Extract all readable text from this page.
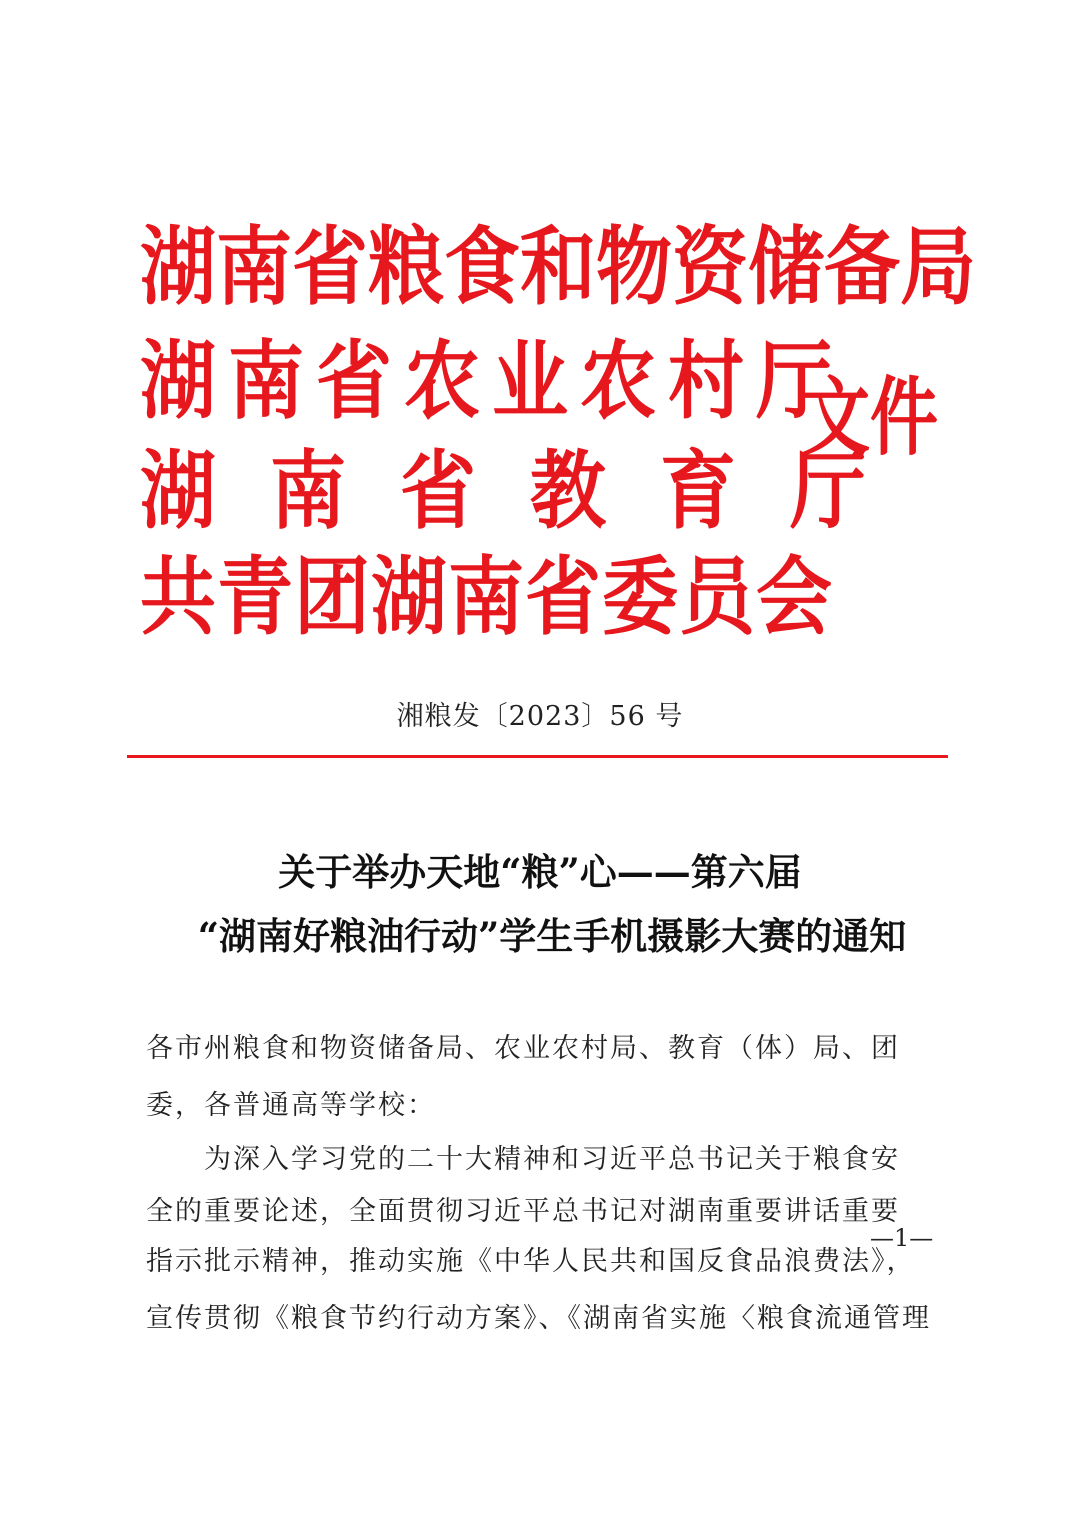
湖南省粮食和物资储备局
湖南省农业农村厅
湖南省教育厅
共青团湖南省委员会
文件
湘粮发〔2023〕56 号
关于举办天地“粮”心——第六届
“湖南好粮油行动”学生手机摄影大赛的通知
各市州粮食和物资储备局、农业农村局、教育（体）局、团
委，各普通高等学校：
　　为深入学习党的二十大精神和习近平总书记关于粮食安
全的重要论述，全面贯彻习近平总书记对湖南重要讲话重要
指示批示精神，推动实施《中华人民共和国反食品浪费法》，
宣传贯彻《粮食节约行动方案》、《湖南省实施〈粮食流通管理
—1—
